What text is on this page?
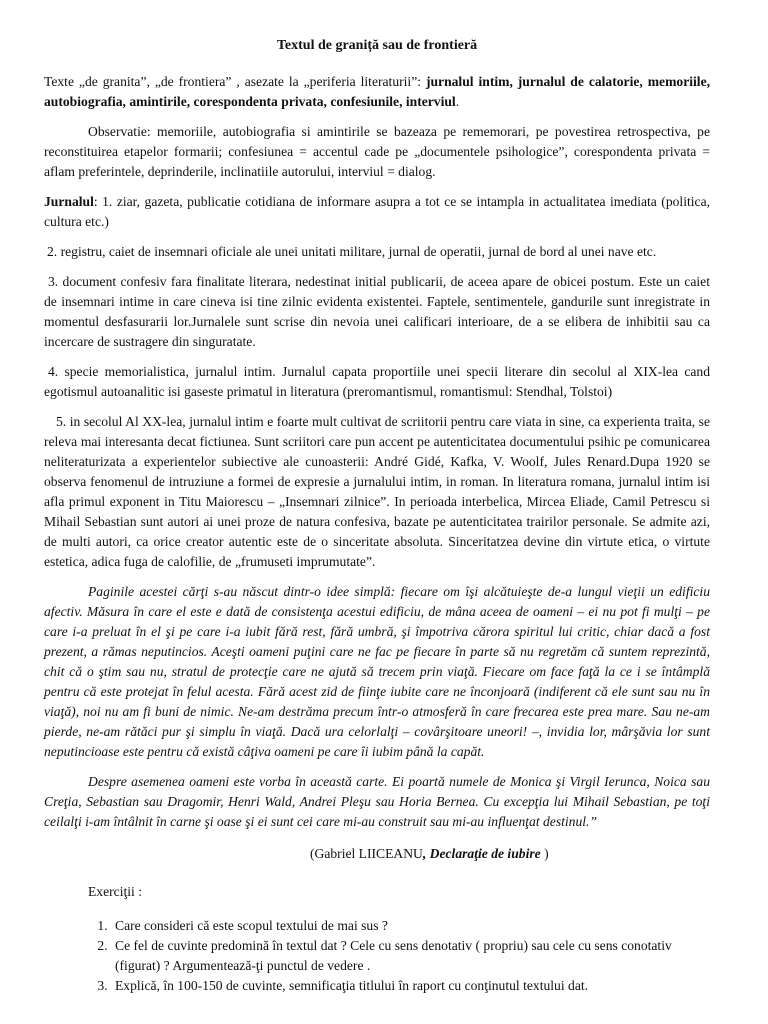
Textul de graniță sau de frontieră

Texte „de granita”, „de frontiera” , asezate la „periferia literaturii”: jurnalul intim, jurnalul de calatorie, memoriile, autobiografia, amintirile, corespondenta privata, confesiunile, interviul.

Observatie: memoriile, autobiografia si amintirile se bazeaza pe rememorari, pe povestirea retrospectiva, pe reconstituirea etapelor formarii; confesiunea = accentul cade pe „documentele psihologice”, corespondenta privata = aflam preferintele, deprinderile, inclinatiile autorului, interviul = dialog.

Jurnalul: 1. ziar, gazeta, publicatie cotidiana de informare asupra a tot ce se intampla in actualitatea imediata (politica, cultura etc.)

2. registru, caiet de insemnari oficiale ale unei unitati militare, jurnal de operatii, jurnal de bord al unei nave etc.

3. document confesiv fara finalitate literara, nedestinat initial publicarii, de aceea apare de obicei postum. Este un caiet de insemnari intime in care cineva isi tine zilnic evidenta existentei. Faptele, sentimentele, gandurile sunt inregistrate in momentul desfasurarii lor.Jurnalele sunt scrise din nevoia unei calificari interioare, de a se elibera de inhibitii sau ca incercare de sustragere din singuratate.

4. specie memorialistica, jurnalul intim. Jurnalul capata proportiile unei specii literare din secolul al XIX-lea cand egotismul autoanalitic isi gaseste primatul in literatura (preromantismul, romantismul: Stendhal, Tolstoi)

5. in secolul Al XX-lea, jurnalul intim e foarte mult cultivat de scriitorii pentru care viata in sine, ca experienta traita, se releva mai interesanta decat fictiunea. Sunt scriitori care pun accent pe autenticitatea documentului psihic pe comunicarea neliteraturizata a experientelor subiective ale cunoasterii: André Gidé, Kafka, V. Woolf, Jules Renard.Dupa 1920 se observa fenomenul de intruziune a formei de expresie a jurnalului intim, in roman. In literatura romana, jurnalul intim isi afla primul exponent in Titu Maiorescu – „Insemnari zilnice”. In perioada interbelica, Mircea Eliade, Camil Petrescu si Mihail Sebastian sunt autori ai unei proze de natura confesiva, bazate pe autenticitatea trairilor personale. Se admite azi, de multi autori, ca orice creator autentic este de o sinceritate absoluta. Sinceritatzea devine din virtute etica, o virtute estetica, adica fuga de calofilie, de „frumuseti imprumutate”.

Paginile acestei cărţi s-au născut dintr-o idee simplă: fiecare om îşi alcătuieşte de-a lungul vieţii un edificiu afectiv. Măsura în care el este e dată de consistenţa acestui edificiu, de mâna aceea de oameni – ei nu pot fi mulţi – pe care i-a preluat în el şi pe care i-a iubit fără rest, fără umbră, şi împotriva cărora spiritul lui critic, chiar dacă a fost prezent, a rămas neputincios. Aceşti oameni puţini care ne fac pe fiecare în parte să nu regretăm că suntem reprezintă, chit că o ştim sau nu, stratul de protecţie care ne ajută să trecem prin viaţă. Fiecare om face faţă la ce i se întâmplă pentru că este protejat în felul acesta. Fără acest zid de fiinţe iubite care ne înconjoară (indiferent că ele sunt sau nu în viaţă), noi nu am fi buni de nimic. Ne-am destrăma precum într-o atmosferă în care frecarea este prea mare. Sau ne-am pierde, ne-am rătăci pur şi simplu în viaţă. Dacă ura celorlalţi – covârşitoare uneori! –, invidia lor, mârşăvia lor sunt neputincioase este pentru că există câţiva oameni pe care îi iubim până la capăt.

Despre asemenea oameni este vorba în această carte. Ei poartă numele de Monica şi Virgil Ierunca, Noica sau Creţia, Sebastian sau Dragomir, Henri Wald, Andrei Pleşu sau Horia Bernea. Cu excepţia lui Mihail Sebastian, pe toţi ceilalţi i-am întâlnit în carne şi oase şi ei sunt cei care mi-au construit sau mi-au influenţat destinul.”

(Gabriel LIICEANU, Declaraţie de iubire )
Exerciţii :
1. Care consideri că este scopul textului de mai sus ?
2. Ce fel de cuvinte predomină în textul dat ? Cele cu sens denotativ ( propriu) sau cele cu sens conotativ (figurat) ? Argumentează-ţi punctul de vedere .
3. Explică, în 100-150 de cuvinte, semnificaţia titlului în raport cu conţinutul textului dat.
